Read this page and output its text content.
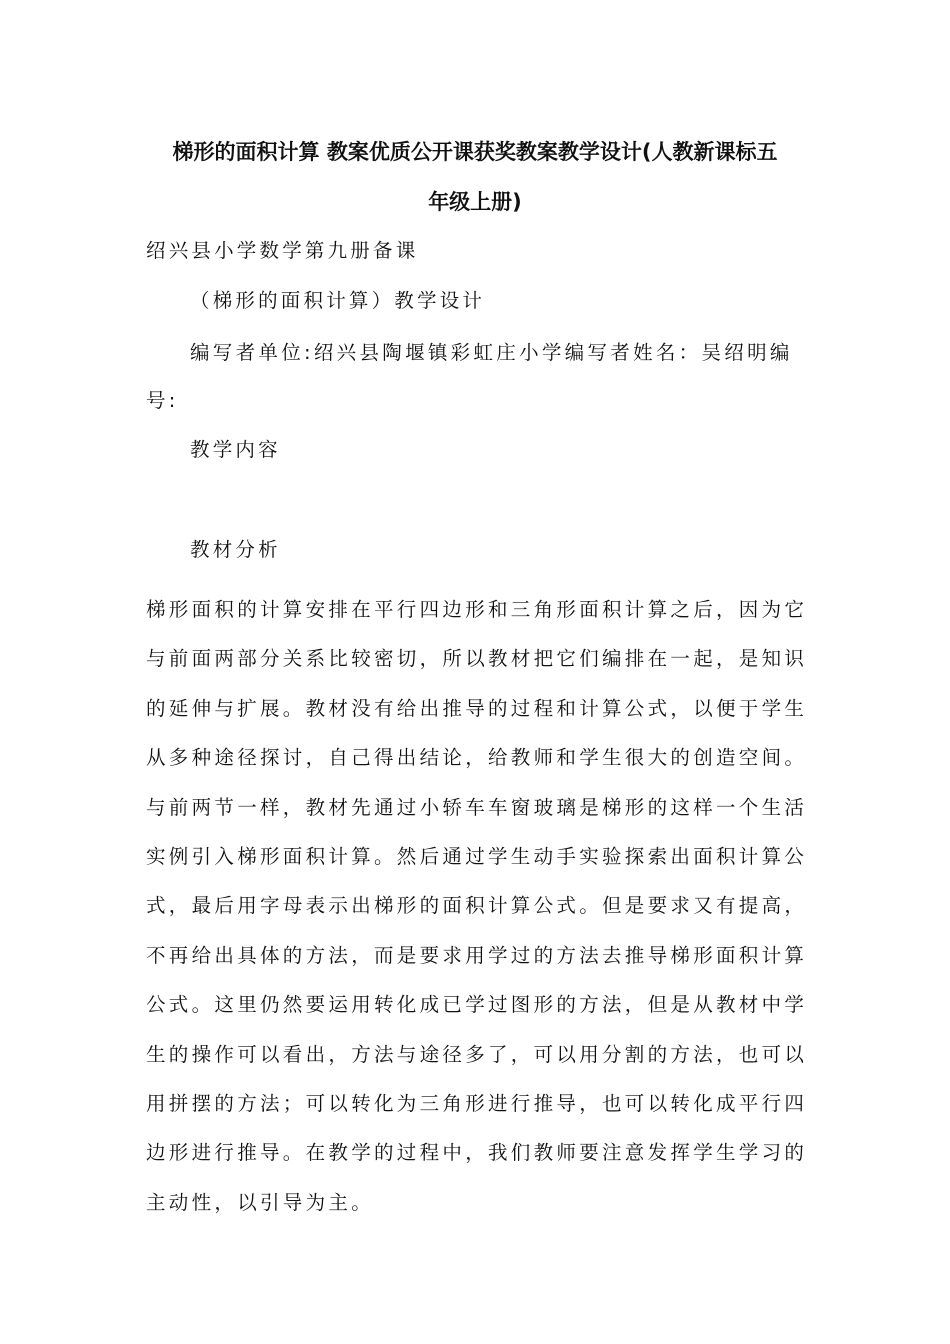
梯形的面积计算 教案优质公开课获奖教案教学设计(人教新课标五
年级上册)
绍兴县小学数学第九册备课
（梯形的面积计算）教学设计
编写者单位:绍兴县陶堰镇彩虹庄小学编写者姓名：吴绍明编
号:
教学内容
教材分析
梯形面积的计算安排在平行四边形和三角形面积计算之后，因为它
与前面两部分关系比较密切，所以教材把它们编排在一起，是知识
的延伸与扩展。教材没有给出推导的过程和计算公式，以便于学生
从多种途径探讨，自己得出结论，给教师和学生很大的创造空间。
与前两节一样，教材先通过小轿车车窗玻璃是梯形的这样一个生活
实例引入梯形面积计算。然后通过学生动手实验探索出面积计算公
式，最后用字母表示出梯形的面积计算公式。但是要求又有提高，
不再给出具体的方法，而是要求用学过的方法去推导梯形面积计算
公式。这里仍然要运用转化成已学过图形的方法，但是从教材中学
生的操作可以看出，方法与途径多了，可以用分割的方法，也可以
用拼摆的方法；可以转化为三角形进行推导，也可以转化成平行四
边形进行推导。在教学的过程中，我们教师要注意发挥学生学习的
主动性，以引导为主。
